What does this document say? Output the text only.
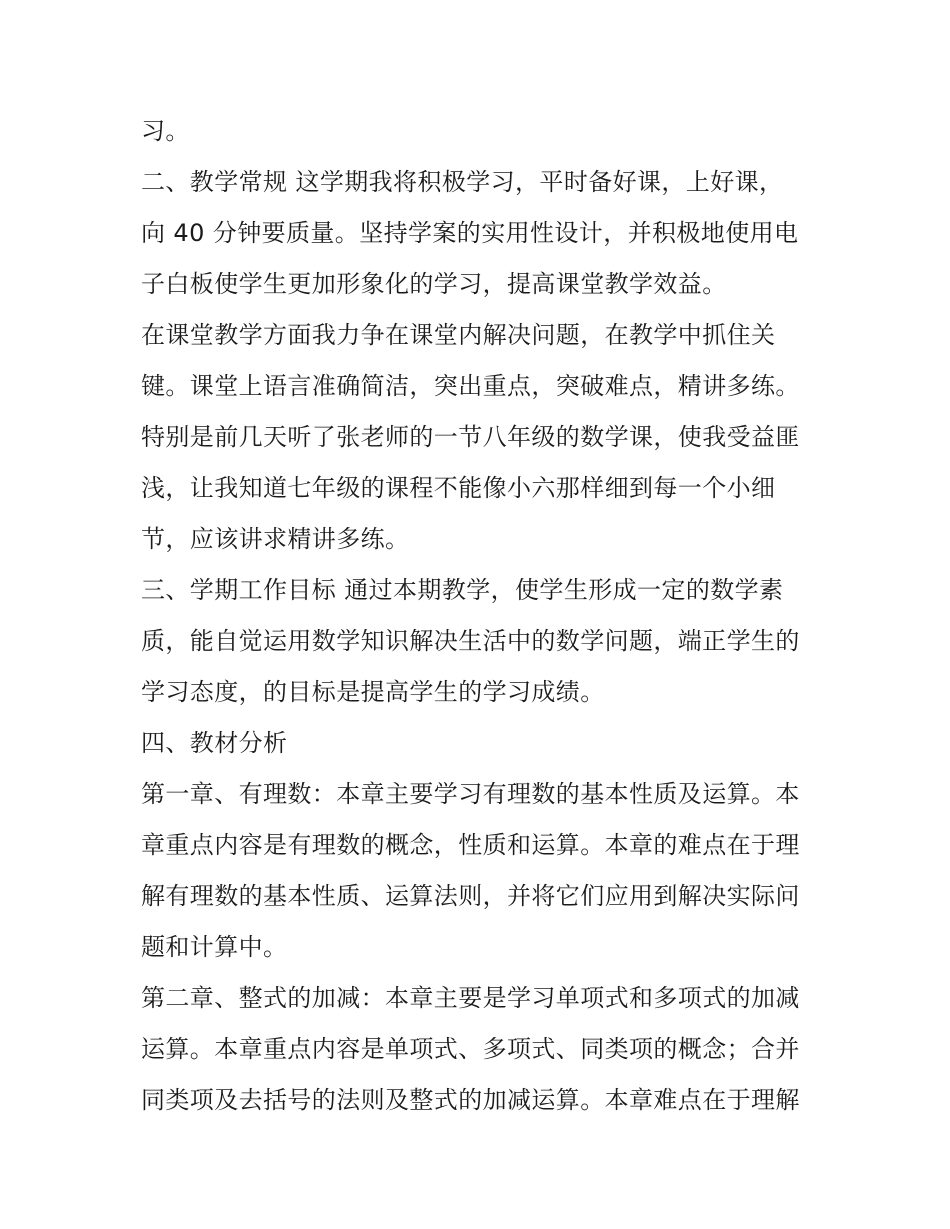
习。
二、教学常规 这学期我将积极学习，平时备好课，上好课，
向 40 分钟要质量。坚持学案的实用性设计，并积极地使用电
子白板使学生更加形象化的学习，提高课堂教学效益。
在课堂教学方面我力争在课堂内解决问题，在教学中抓住关
键。课堂上语言准确简洁，突出重点，突破难点，精讲多练。
特别是前几天听了张老师的一节八年级的数学课，使我受益匪
浅，让我知道七年级的课程不能像小六那样细到每一个小细
节，应该讲求精讲多练。
三、学期工作目标 通过本期教学，使学生形成一定的数学素
质，能自觉运用数学知识解决生活中的数学问题，端正学生的
学习态度，的目标是提高学生的学习成绩。
四、教材分析
第一章、有理数：本章主要学习有理数的基本性质及运算。本
章重点内容是有理数的概念，性质和运算。本章的难点在于理
解有理数的基本性质、运算法则，并将它们应用到解决实际问
题和计算中。
第二章、整式的加减：本章主要是学习单项式和多项式的加减
运算。本章重点内容是单项式、多项式、同类项的概念；合并
同类项及去括号的法则及整式的加减运算。本章难点在于理解
